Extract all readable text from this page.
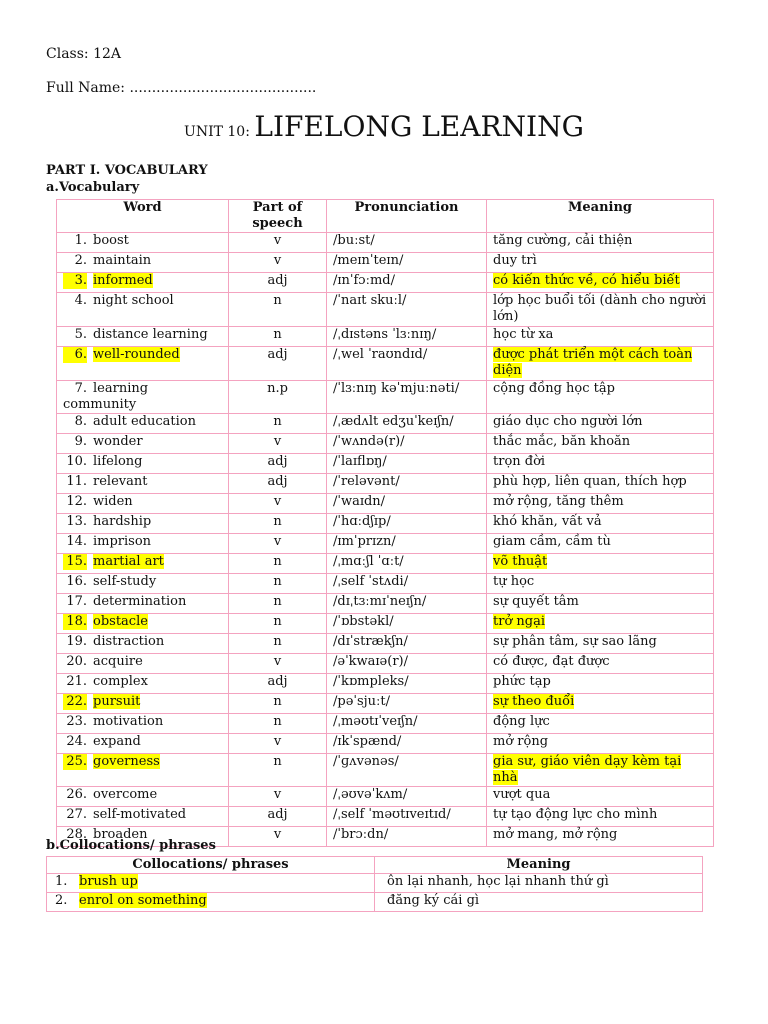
Class: 12A
Full Name: ..........................................
UNIT 10: LIFELONG LEARNING
PART I. VOCABULARY
a.Vocabulary
Word	Part of speech	Pronunciation	Meaning
1. boost	v	/buːst/	tăng cường, cải thiện
2. maintain	v	/meɪnˈteɪn/	duy trì
3. informed	adj	/ɪnˈfɔːmd/	có kiến thức về, có hiểu biết
4. night school	n	/ˈnaɪt skuːl/	lớp học buổi tối (dành cho người lớn)
5. distance learning	n	/ˌdɪstəns ˈlɜːnɪŋ/	học từ xa
6. well-rounded	adj	/ˌwel ˈraʊndɪd/	được phát triển một cách toàn diện
7. learning community	n.p	/ˈlɜːnɪŋ kəˈmjuːnəti/	cộng đồng học tập
8. adult education	n	/ˌædʌlt edʒuˈkeɪʃn/	giáo dục cho người lớn
9. wonder	v	/ˈwʌndə(r)/	thắc mắc, băn khoăn
10. lifelong	adj	/ˈlaɪflɒŋ/	trọn đời
11. relevant	adj	/ˈreləvənt/	phù hợp, liên quan, thích hợp
12. widen	v	/ˈwaɪdn/	mở rộng, tăng thêm
13. hardship	n	/ˈhɑːdʃɪp/	khó khăn, vất vả
14. imprison	v	/ɪmˈprɪzn/	giam cầm, cầm tù
15. martial art	n	/ˌmɑːʃl ˈɑːt/	võ thuật
16. self-study	n	/ˌself ˈstʌdi/	tự học
17. determination	n	/dɪˌtɜːmɪˈneɪʃn/	sự quyết tâm
18. obstacle	n	/ˈɒbstəkl/	trở ngại
19. distraction	n	/dɪˈstrækʃn/	sự phân tâm, sự sao lãng
20. acquire	v	/əˈkwaɪə(r)/	có được, đạt được
21. complex	adj	/ˈkɒmpleks/	phức tạp
22. pursuit	n	/pəˈsjuːt/	sự theo đuổi
23. motivation	n	/ˌməʊtɪˈveɪʃn/	động lực
24. expand	v	/ɪkˈspænd/	mở rộng
25. governess	n	/ˈɡʌvənəs/	gia sư, giáo viên dạy kèm tại nhà
26. overcome	v	/ˌəʊvəˈkʌm/	vượt qua
27. self-motivated	adj	/ˌself ˈməʊtɪveɪtɪd/	tự tạo động lực cho mình
28. broaden	v	/ˈbrɔːdn/	mở mang, mở rộng
b.Collocations/ phrases
Collocations/ phrases	Meaning
1. brush up	ôn lại nhanh, học lại nhanh thứ gì
2. enrol on something	đăng ký cái gì
